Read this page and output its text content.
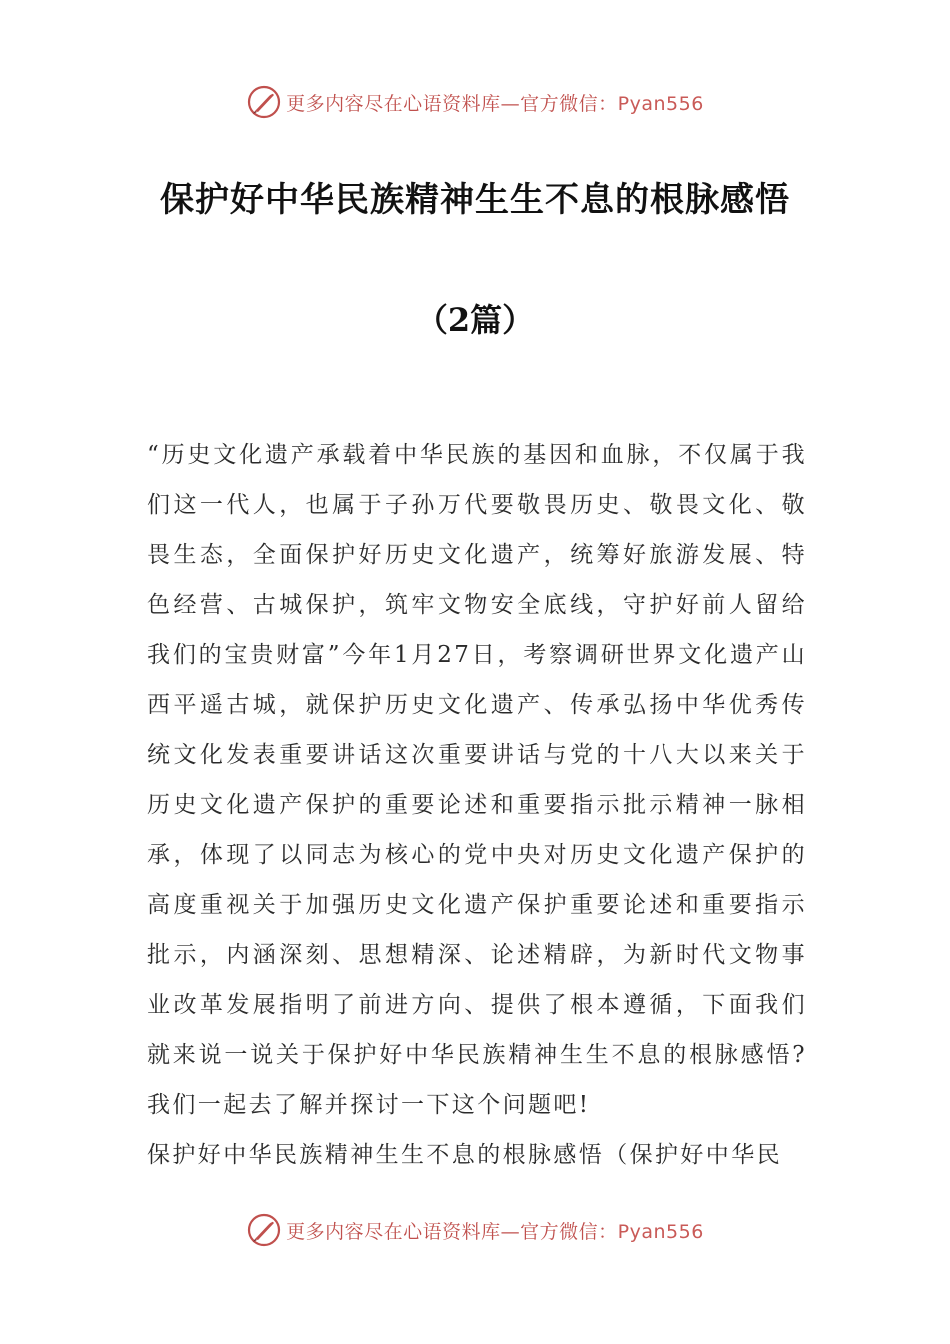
更多内容尽在心语资料库—官方微信：Pyan556
保护好中华民族精神生生不息的根脉感悟
（2篇）

“历史文化遗产承载着中华民族的基因和血脉，不仅属于我们这一代人，也属于子孙万代要敬畏历史、敬畏文化、敬畏生态，全面保护好历史文化遗产，统筹好旅游发展、特色经营、古城保护，筑牢文物安全底线，守护好前人留给我们的宝贵财富”今年1月27日，考察调研世界文化遗产山西平遥古城，就保护历史文化遗产、传承弘扬中华优秀传统文化发表重要讲话这次重要讲话与党的十八大以来关于历史文化遗产保护的重要论述和重要指示批示精神一脉相承，体现了以同志为核心的党中央对历史文化遗产保护的高度重视关于加强历史文化遗产保护重要论述和重要指示批示，内涵深刻、思想精深、论述精辟，为新时代文物事业改革发展指明了前进方向、提供了根本遵循，下面我们就来说一说关于保护好中华民族精神生生不息的根脉感悟?我们一起去了解并探讨一下这个问题吧!

保护好中华民族精神生生不息的根脉感悟（保护好中华民

更多内容尽在心语资料库—官方微信：Pyan556
